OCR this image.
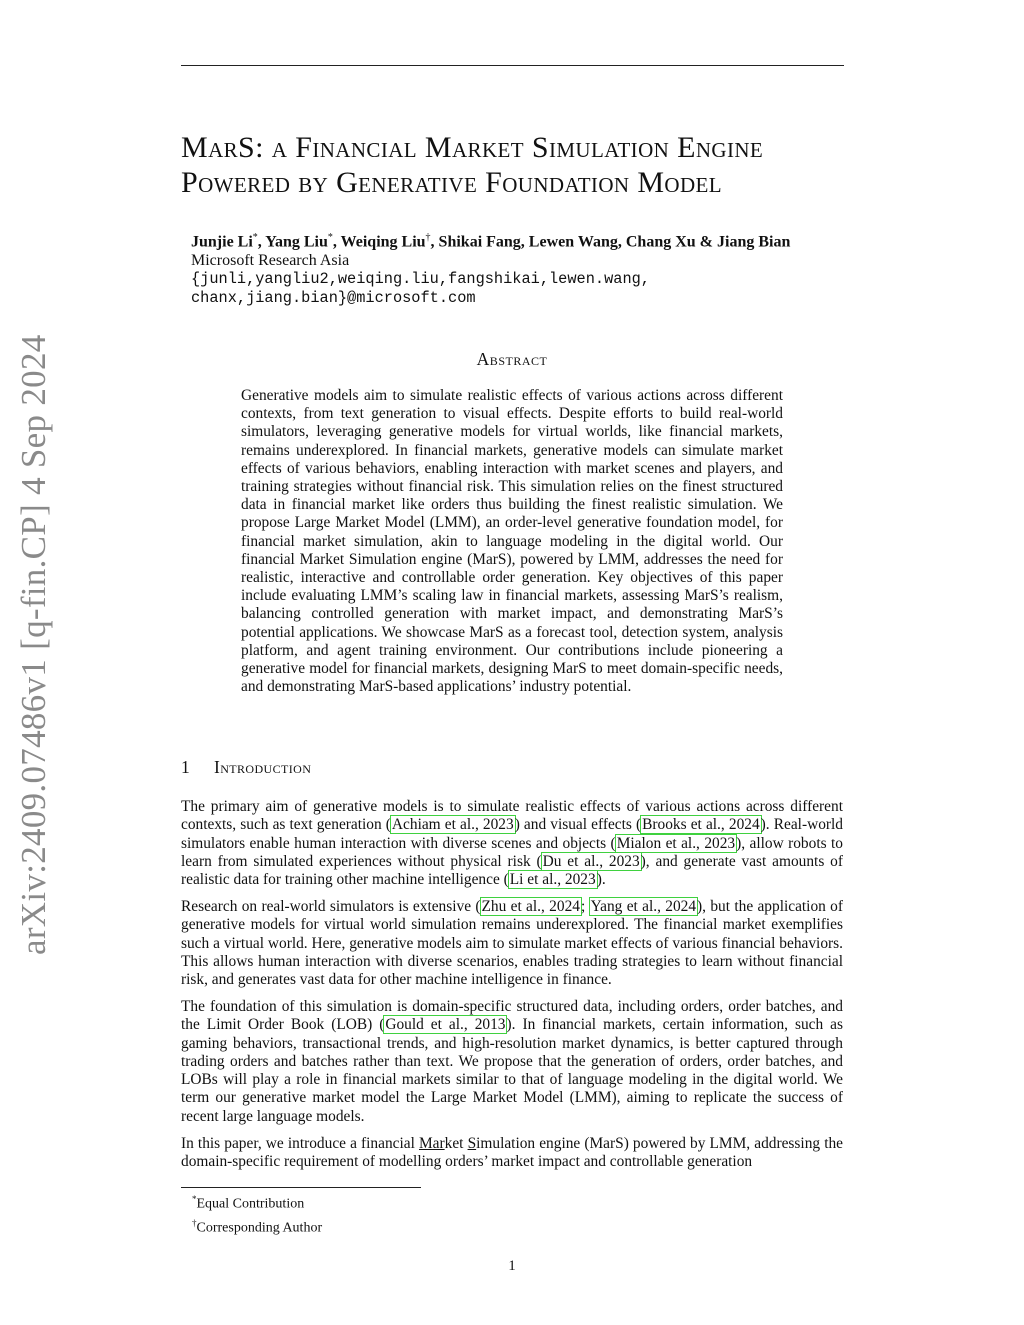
arXiv:2409.07486v1 [q-fin.CP] 4 Sep 2024
MarS: a Financial Market Simulation Engine
Powered by Generative Foundation Model
Junjie Li*, Yang Liu*, Weiqing Liu†, Shikai Fang, Lewen Wang, Chang Xu & Jiang Bian
Microsoft Research Asia
{junli,yangliu2,weiqing.liu,fangshikai,lewen.wang,
chanx,jiang.bian}@microsoft.com
Abstract
Generative models aim to simulate realistic effects of various actions across different contexts, from text generation to visual effects. Despite efforts to build real-world simulators, leveraging generative models for virtual worlds, like financial markets, remains underexplored. In financial markets, generative models can simulate market effects of various behaviors, enabling interaction with market scenes and players, and training strategies without financial risk. This simulation relies on the finest structured data in financial market like orders thus building the finest realistic simulation. We propose Large Market Model (LMM), an order-level generative foundation model, for financial market simulation, akin to language modeling in the digital world. Our financial Market Simulation engine (MarS), powered by LMM, addresses the need for realistic, interactive and controllable order generation. Key objectives of this paper include evaluating LMM’s scaling law in financial markets, assessing MarS’s realism, balancing controlled generation with market impact, and demonstrating MarS’s potential applications. We showcase MarS as a forecast tool, detection system, analysis platform, and agent training environment. Our contributions include pioneering a generative model for financial markets, designing MarS to meet domain-specific needs, and demonstrating MarS-based applications’ industry potential.
1 Introduction

The primary aim of generative models is to simulate realistic effects of various actions across different contexts, such as text generation (Achiam et al., 2023) and visual effects (Brooks et al., 2024). Real-world simulators enable human interaction with diverse scenes and objects (Mialon et al., 2023), allow robots to learn from simulated experiences without physical risk (Du et al., 2023), and generate vast amounts of realistic data for training other machine intelligence (Li et al., 2023).

Research on real-world simulators is extensive (Zhu et al., 2024; Yang et al., 2024), but the application of generative models for virtual world simulation remains underexplored. The financial market exemplifies such a virtual world. Here, generative models aim to simulate market effects of various financial behaviors. This allows human interaction with diverse scenarios, enables trading strategies to learn without financial risk, and generates vast data for other machine intelligence in finance.

The foundation of this simulation is domain-specific structured data, including orders, order batches, and the Limit Order Book (LOB) (Gould et al., 2013). In financial markets, certain information, such as gaming behaviors, transactional trends, and high-resolution market dynamics, is better captured through trading orders and batches rather than text. We propose that the generation of orders, order batches, and LOBs will play a role in financial markets similar to that of language modeling in the digital world. We term our generative market model the Large Market Model (LMM), aiming to replicate the success of recent large language models.

In this paper, we introduce a financial Market Simulation engine (MarS) powered by LMM, addressing the domain-specific requirement of modelling orders’ market impact and controllable generation

*Equal Contribution
†Corresponding Author
1
